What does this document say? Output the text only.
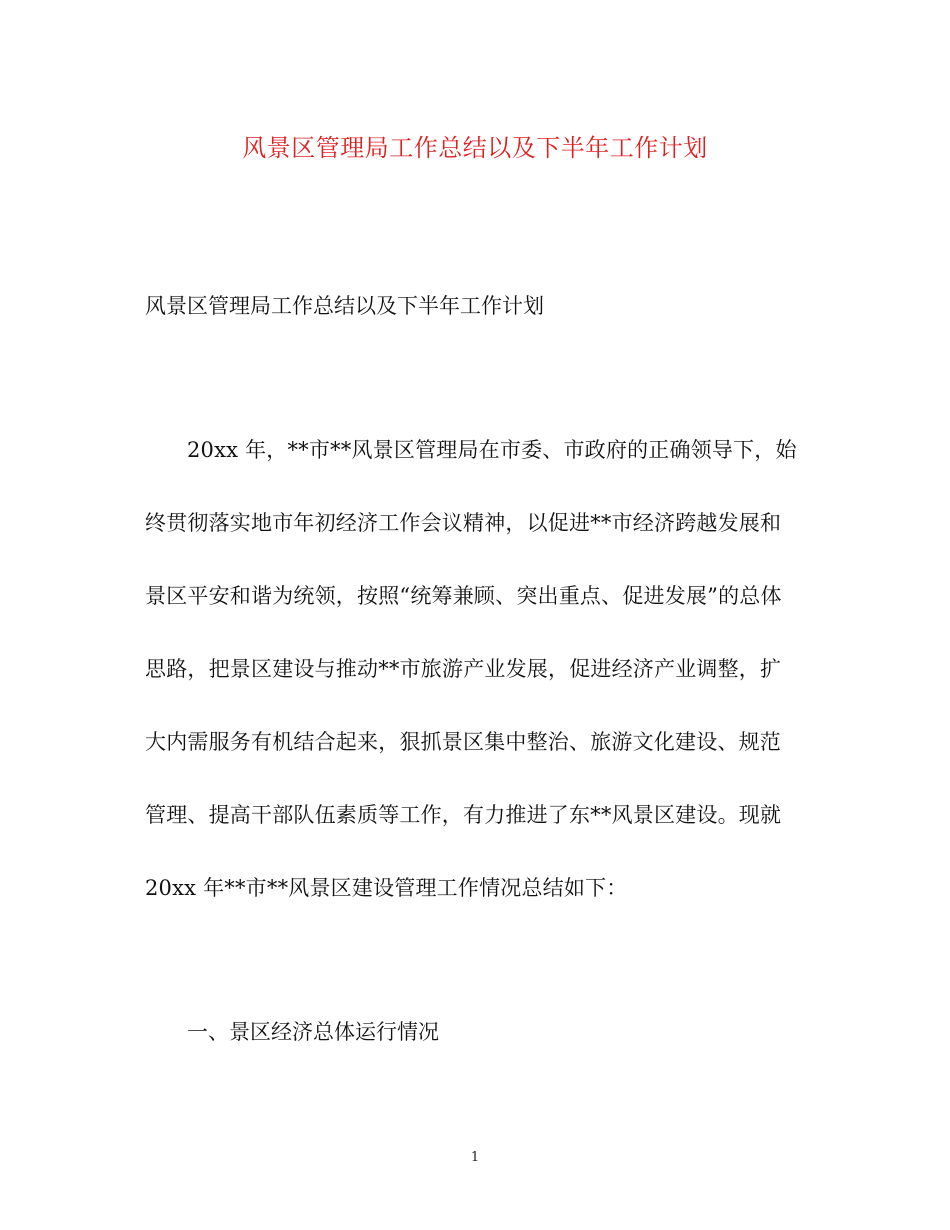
风景区管理局工作总结以及下半年工作计划
风景区管理局工作总结以及下半年工作计划
20xx 年，**市**风景区管理局在市委、市政府的正确领导下，始
终贯彻落实地市年初经济工作会议精神，以促进**市经济跨越发展和
景区平安和谐为统领，按照“统筹兼顾、突出重点、促进发展”的总体
思路，把景区建设与推动**市旅游产业发展，促进经济产业调整，扩
大内需服务有机结合起来，狠抓景区集中整治、旅游文化建设、规范
管理、提高干部队伍素质等工作，有力推进了东**风景区建设。现就
20xx 年**市**风景区建设管理工作情况总结如下：
一、景区经济总体运行情况
1
